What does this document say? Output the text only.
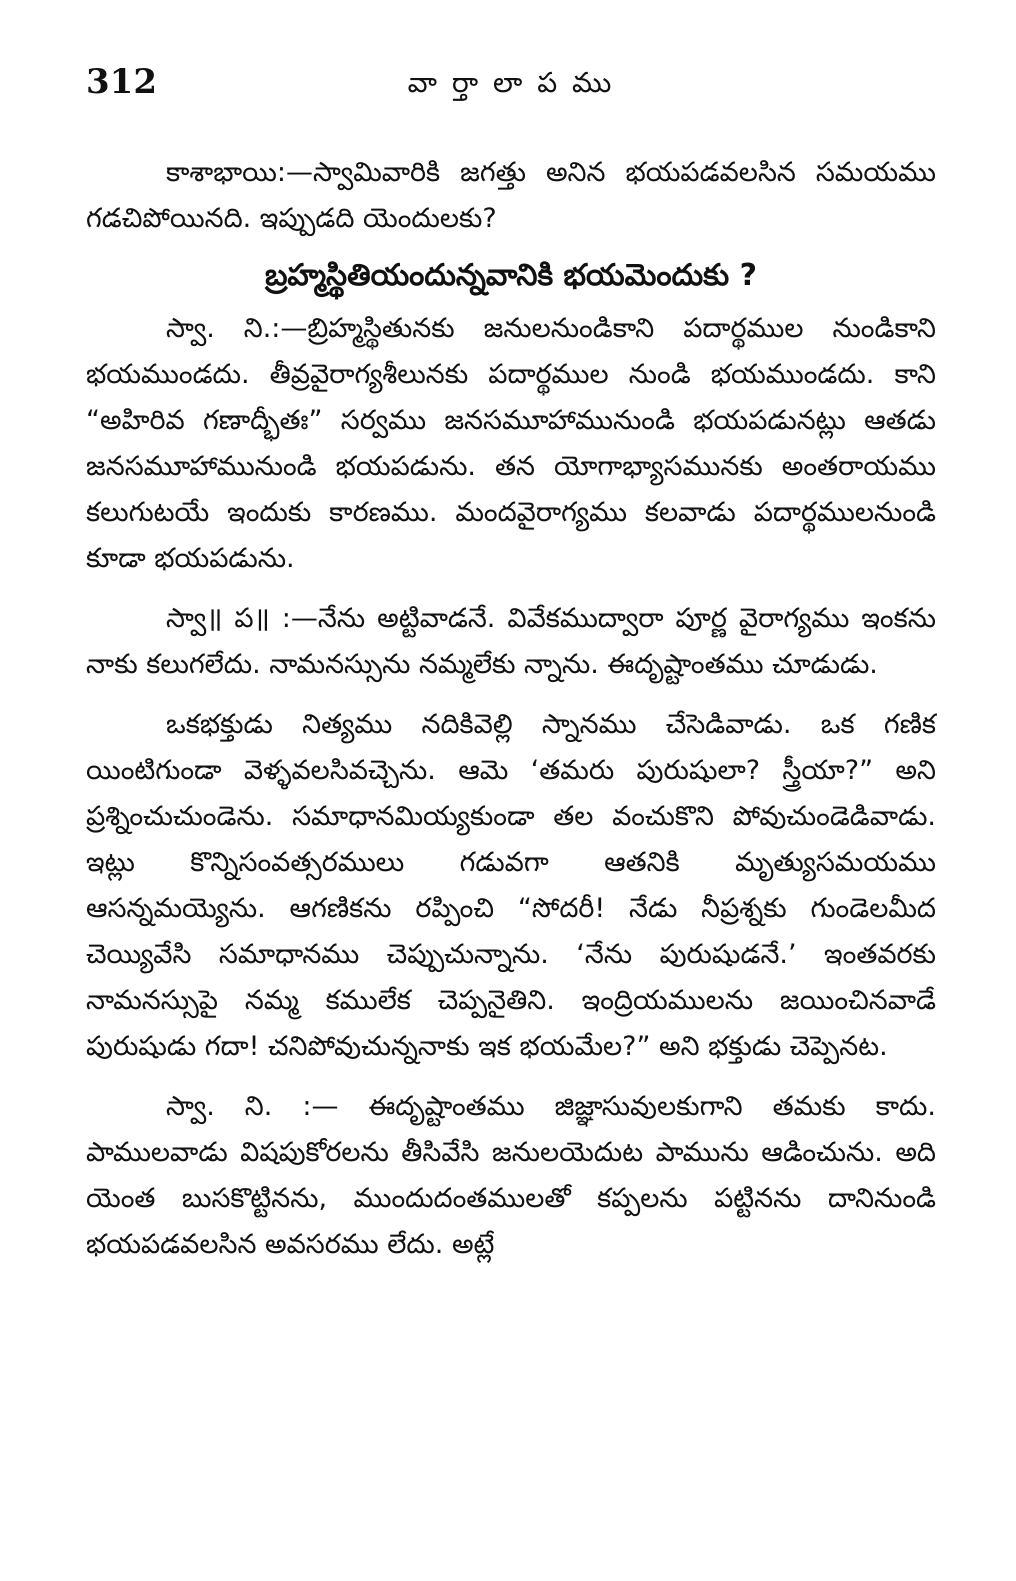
312	వా ర్తా లా ప ము

కాశాభాయి:—స్వామివారికి జగత్తు అనిన భయపడవలసిన సమయము గడచిపోయినది. ఇప్పుడది యెందులకు?

బ్రహ్మస్థితియందున్నవానికి భయమెందుకు ?

స్వా. ని.:—బ్రిహ్మస్థితునకు జనులనుండికాని పదార్థముల నుండికాని భయముండదు. తీవ్రవైరాగ్యశీలునకు పదార్థముల నుండి భయముండదు. కాని “అహిరివ గణాద్భీతః” సర్వము జనసమూహామునుండి భయపడునట్లు ఆతడు జనసమూహామునుండి భయపడును. తన యోగాభ్యాసమునకు అంతరాయము కలుగుటయే ఇందుకు కారణము. మందవైరాగ్యము కలవాడు పదార్థములనుండి కూడా భయపడును.

స్వా॥ ప॥ :—నేను అట్టివాడనే. వివేకముద్వారా పూర్ణ వైరాగ్యము ఇంకను నాకు కలుగలేదు. నామనస్సును నమ్మలేకు న్నాను. ఈదృష్టాంతము చూడుడు.

ఒకభక్తుడు నిత్యము నదికివెల్లి స్నానము చేసెడివాడు. ఒక గణిక యింటిగుండా వెళ్ళవలసివచ్చెను. ఆమె ‘తమరు పురుషులా? స్త్రీయా?” అని ప్రశ్నించుచుండెను. సమాధానమియ్యకుండా తల వంచుకొని పోవుచుండెడివాడు. ఇట్లు కొన్నిసంవత్సరములు గడువగా ఆతనికి మృత్యుసమయము ఆసన్నమయ్యెను. ఆగణికను రప్పించి “సోదరీ! నేడు నీప్రశ్నకు గుండెలమీద చెయ్యివేసి సమాధానము చెప్పుచున్నాను. ‘నేను పురుషుడనే.’ ఇంతవరకు నామనస్సుపై నమ్మ కములేక చెప్పనైతిని. ఇంద్రియములను జయించినవాడే పురుషుడు గదా! చనిపోవుచున్ననాకు ఇక భయమేల?” అని భక్తుడు చెప్పెనట.

స్వా. ని. :— ఈదృష్టాంతము జిజ్ఞాసువులకుగాని తమకు కాదు. పాములవాడు విషపుకోరలను తీసివేసి జనులయెదుట పామును ఆడించును. అది యెంత బుసకొట్టినను, ముందుదంతములతో కప్పలను పట్టినను దానినుండి భయపడవలసిన అవసరము లేదు. అట్లే
